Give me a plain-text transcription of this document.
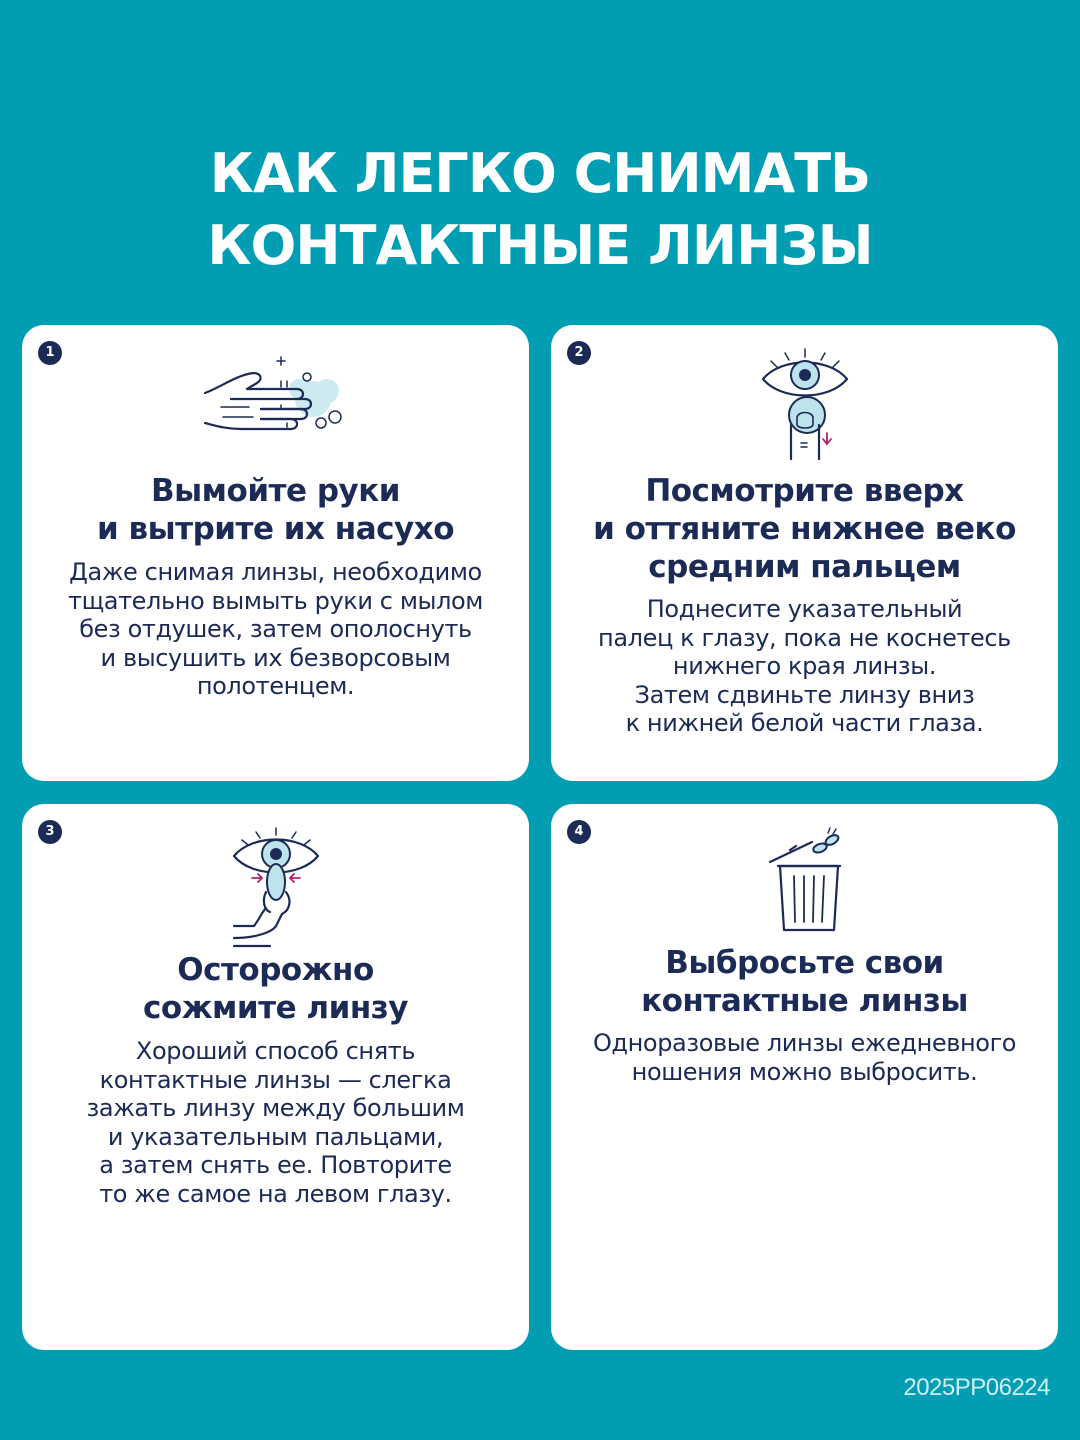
КАК ЛЕГКО СНИМАТЬ
КОНТАКТНЫЕ ЛИНЗЫ
1
Вымойте руки
и вытрите их насухо

Даже снимая линзы, необходимо
тщательно вымыть руки с мылом
без отдушек, затем ополоснуть
и высушить их безворсовым
полотенцем.

2
Посмотрите вверх
и оттяните нижнее веко
средним пальцем

Поднесите указательный
палец к глазу, пока не коснетесь
нижнего края линзы.
Затем сдвиньте линзу вниз
к нижней белой части глаза.

3
Осторожно
сожмите линзу

Хороший способ снять
контактные линзы — слегка
зажать линзу между большим
и указательным пальцами,
а затем снять ее. Повторите
то же самое на левом глазу.

4
Выбросьте свои
контактные линзы

Одноразовые линзы ежедневного
ношения можно выбросить.

2025PP06224
